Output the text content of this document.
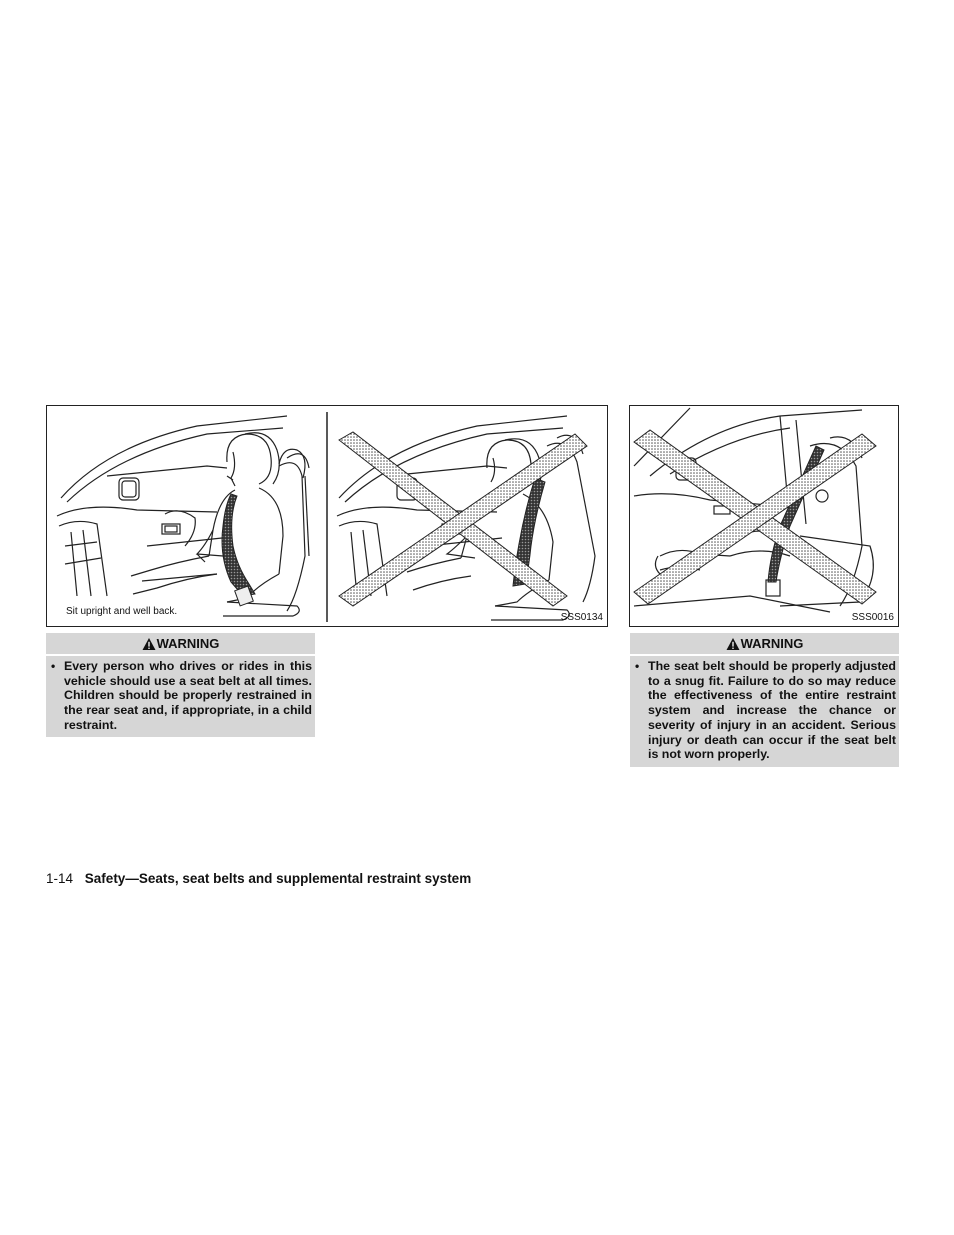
Sit upright and well back.
SSS0134	SSS0016
WARNING
• Every person who drives or rides in this vehicle should use a seat belt at all times. Children should be properly restrained in the rear seat and, if appropriate, in a child restraint.
WARNING
• The seat belt should be properly adjusted to a snug fit. Failure to do so may reduce the effectiveness of the entire restraint system and increase the chance or severity of injury in an accident. Serious injury or death can occur if the seat belt is not worn properly.
1-14 Safety—Seats, seat belts and supplemental restraint system
